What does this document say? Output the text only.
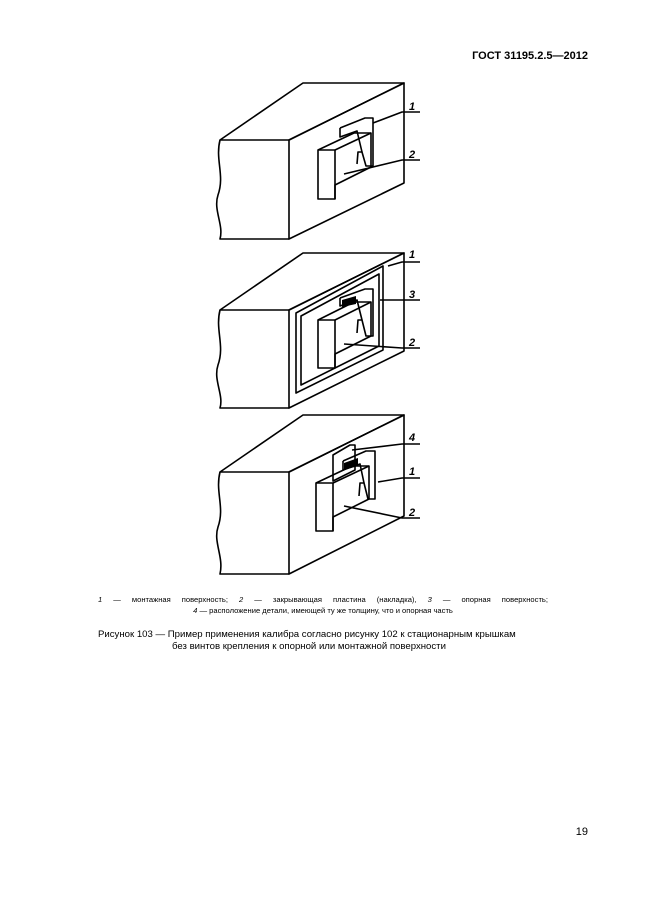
ГОСТ 31195.2.5—2012
1
2
1
3
2
4
1
2
1 — монтажная поверхность; 2 — закрывающая пластина (накладка), 3 — опорная поверхность;
4 — расположение детали, имеющей ту же толщину, что и опорная часть
Рисунок 103 — Пример применения калибра согласно рисунку 102 к стационарным крышкам
без винтов крепления к опорной или монтажной поверхности
19
